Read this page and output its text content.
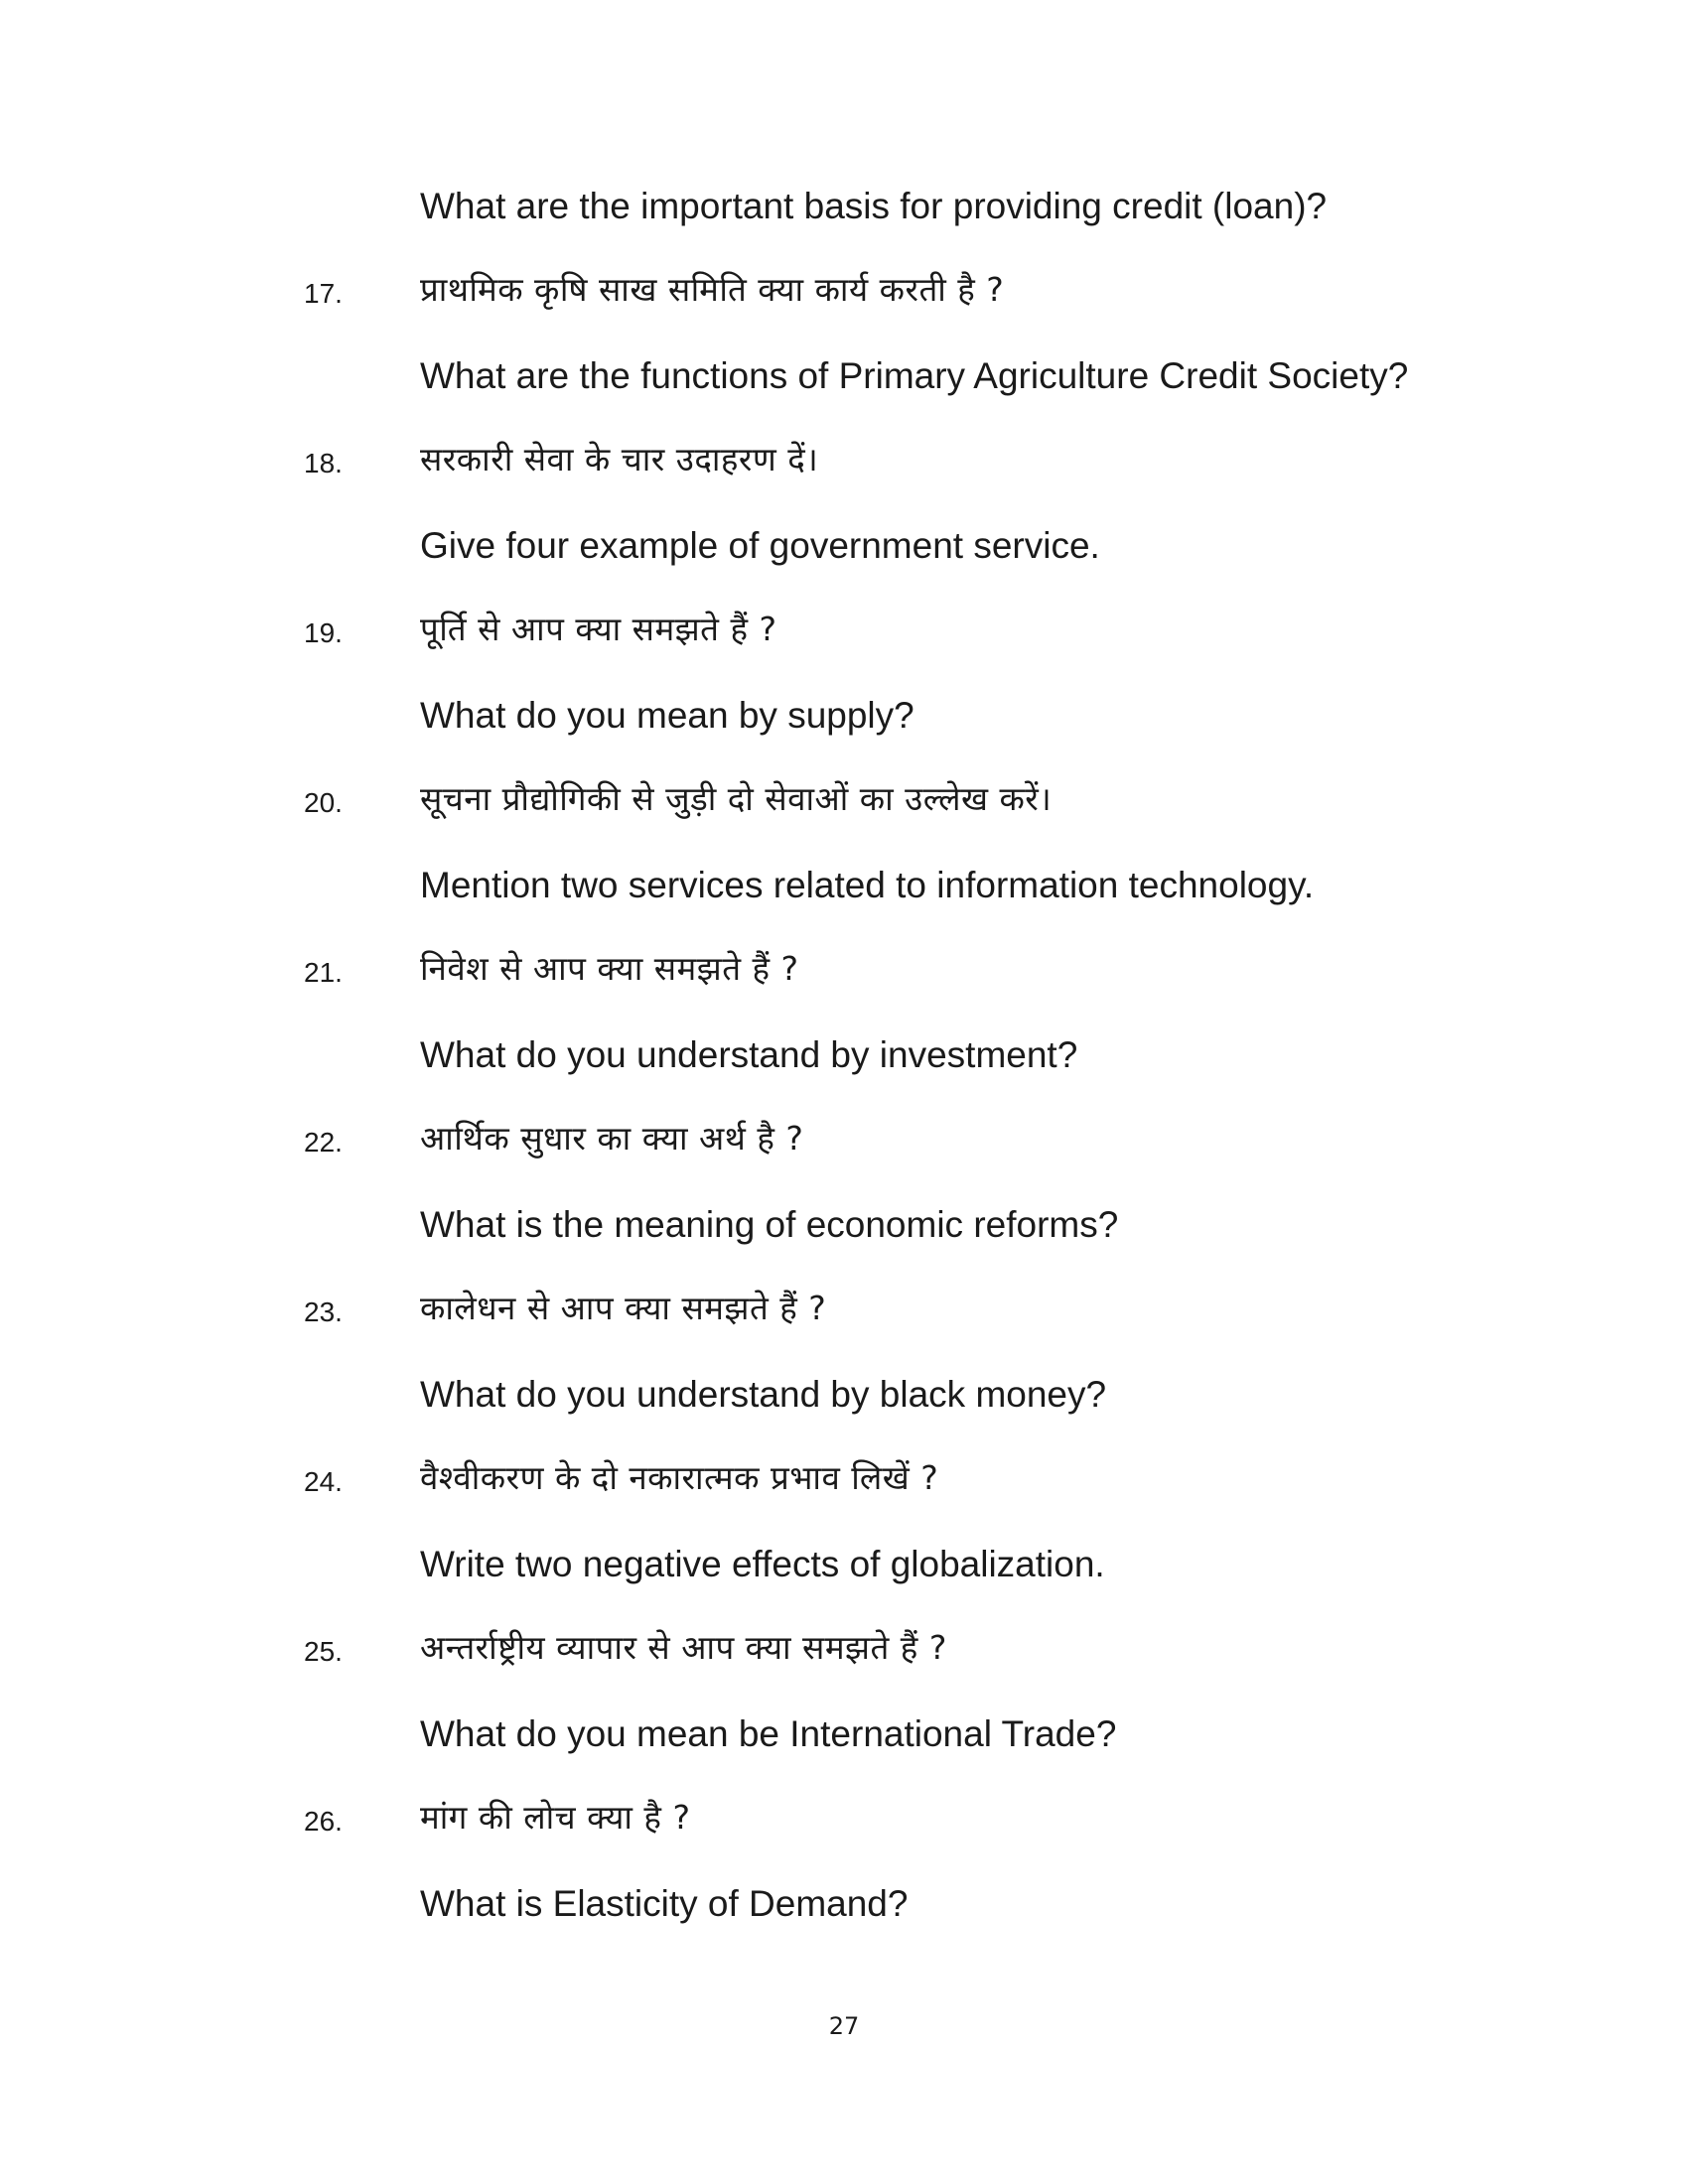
What are the important basis for providing credit (loan)?
17. प्राथमिक कृषि साख समिति क्या कार्य करती है ?
What are the functions of Primary Agriculture Credit Society?
18. सरकारी सेवा के चार उदाहरण दें।
Give four example of government service.
19. पूर्ति से आप क्या समझते हैं ?
What do you mean by supply?
20. सूचना प्रौद्योगिकी से जुड़ी दो सेवाओं का उल्लेख करें।
Mention two services related to information technology.
21. निवेश से आप क्या समझते हैं ?
What do you understand by investment?
22. आर्थिक सुधार का क्या अर्थ है ?
What is the meaning of economic reforms?
23. कालेधन से आप क्या समझते हैं ?
What do you understand by black money?
24. वैश्वीकरण के दो नकारात्मक प्रभाव लिखें ?
Write two negative effects of globalization.
25. अन्तर्राष्ट्रीय व्यापार से आप क्या समझते हैं ?
What do you mean be International Trade?
26. मांग की लोच क्या है ?
What is Elasticity of Demand?
27
